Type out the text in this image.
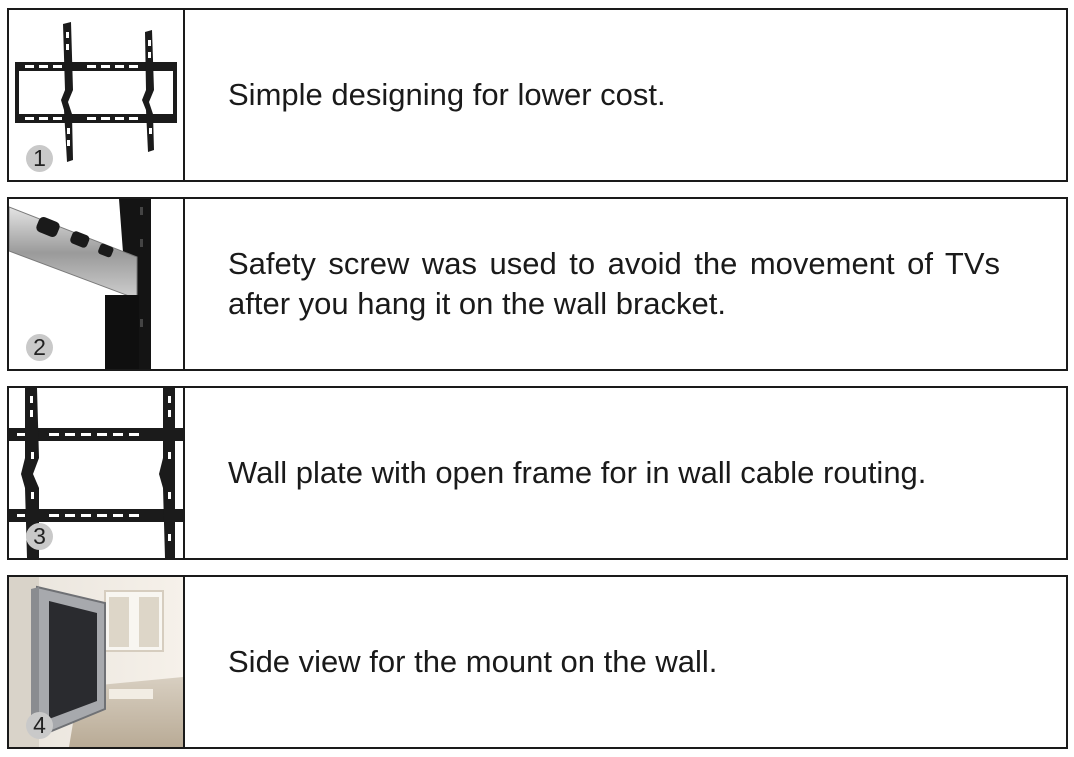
1

Simple designing for lower cost.

2

Safety screw was used to avoid the movement of TVs after you hang it on the wall bracket.

3

Wall plate with open frame for in wall cable routing.

4

Side view for the mount on the wall.
